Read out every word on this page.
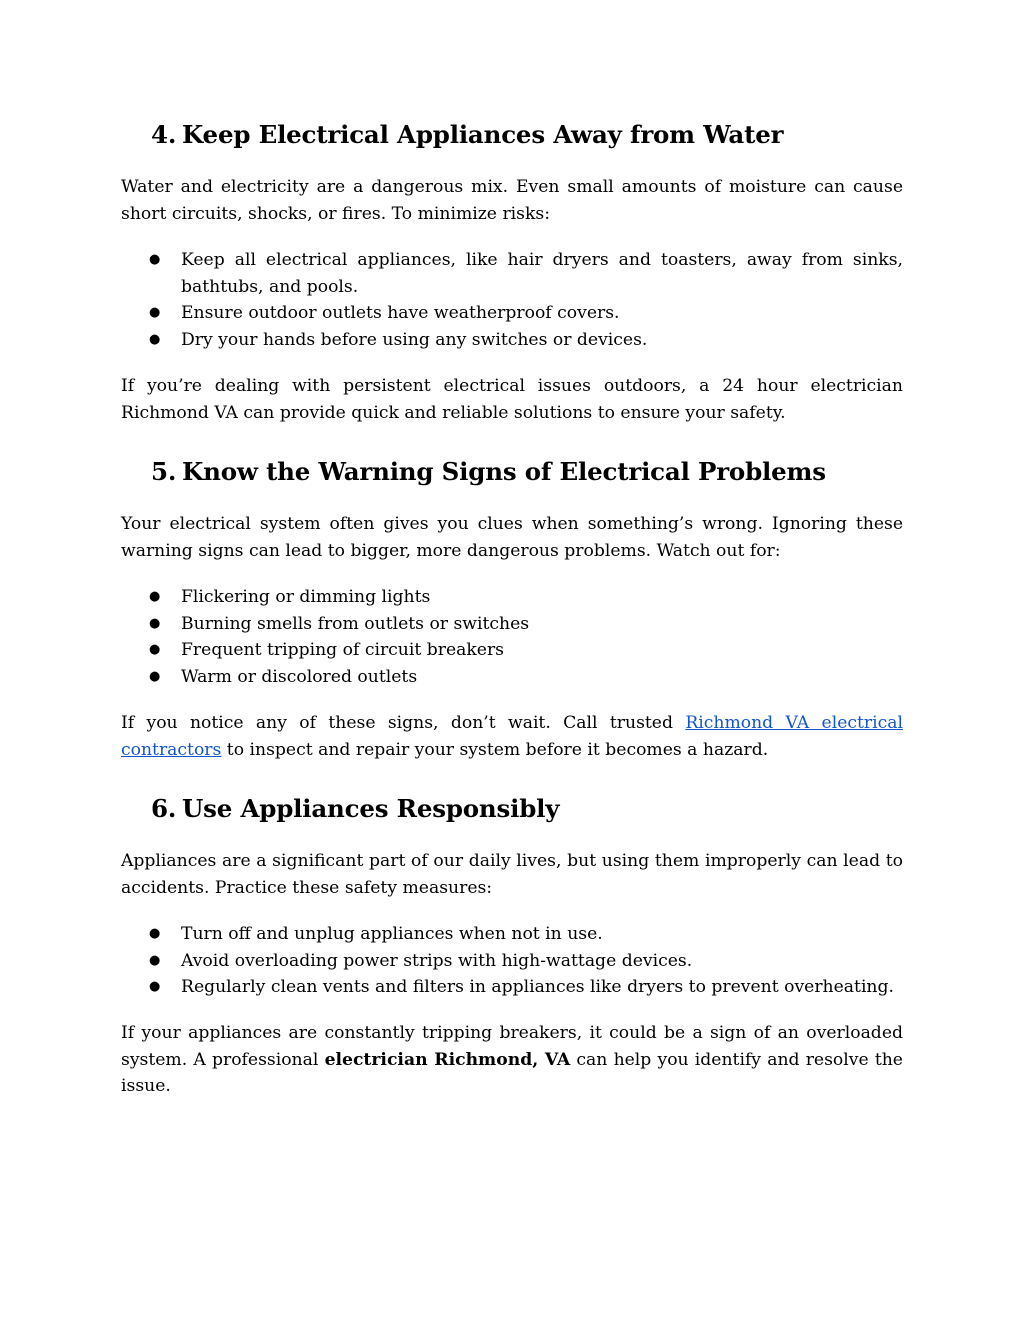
4. Keep Electrical Appliances Away from Water

Water and electricity are a dangerous mix. Even small amounts of moisture can cause short circuits, shocks, or fires. To minimize risks:

● Keep all electrical appliances, like hair dryers and toasters, away from sinks, bathtubs, and pools.
● Ensure outdoor outlets have weatherproof covers.
● Dry your hands before using any switches or devices.

If you’re dealing with persistent electrical issues outdoors, a 24 hour electrician Richmond VA can provide quick and reliable solutions to ensure your safety.

5. Know the Warning Signs of Electrical Problems

Your electrical system often gives you clues when something’s wrong. Ignoring these warning signs can lead to bigger, more dangerous problems. Watch out for:

● Flickering or dimming lights
● Burning smells from outlets or switches
● Frequent tripping of circuit breakers
● Warm or discolored outlets

If you notice any of these signs, don’t wait. Call trusted Richmond VA electrical contractors to inspect and repair your system before it becomes a hazard.

6. Use Appliances Responsibly

Appliances are a significant part of our daily lives, but using them improperly can lead to accidents. Practice these safety measures:

● Turn off and unplug appliances when not in use.
● Avoid overloading power strips with high-wattage devices.
● Regularly clean vents and filters in appliances like dryers to prevent overheating.

If your appliances are constantly tripping breakers, it could be a sign of an overloaded system. A professional electrician Richmond, VA can help you identify and resolve the issue.
